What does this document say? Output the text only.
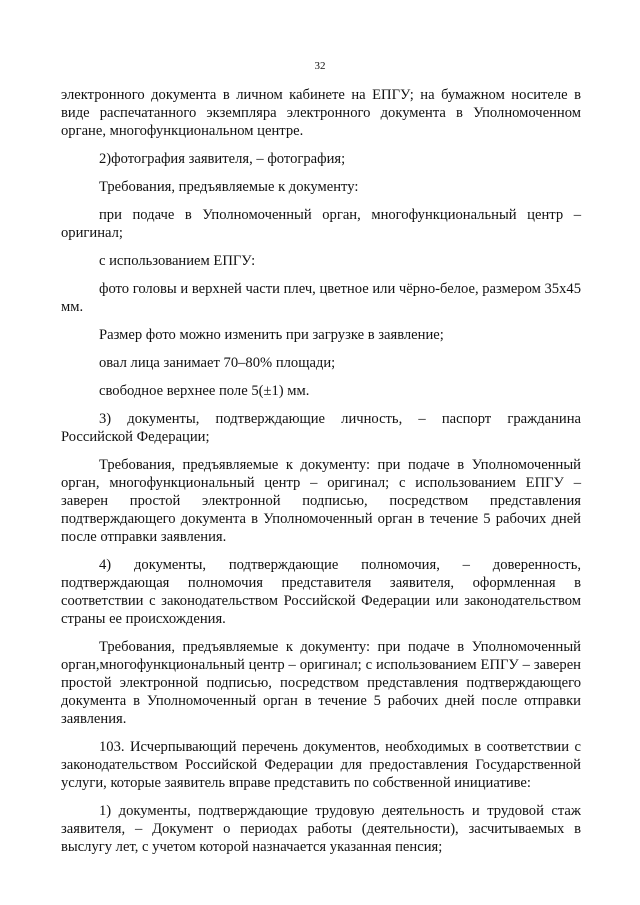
32

электронного документа в личном кабинете на ЕПГУ; на бумажном носителе в виде распечатанного экземпляра электронного документа в Уполномоченном органе, многофункциональном центре.

2)фотография заявителя, – фотография;

Требования, предъявляемые к документу:

при подаче в Уполномоченный орган, многофункциональный центр – оригинал;

с использованием ЕПГУ:

фото головы и верхней части плеч, цветное или чёрно-белое, размером 35x45 мм.

Размер фото можно изменить при загрузке в заявление;

овал лица занимает 70–80% площади;

свободное верхнее поле 5(±1) мм.

3) документы, подтверждающие личность, – паспорт гражданина Российской Федерации;

Требования, предъявляемые к документу: при подаче в Уполномоченный орган, многофункциональный центр – оригинал; с использованием ЕПГУ – заверен простой электронной подписью, посредством представления подтверждающего документа в Уполномоченный орган в течение 5 рабочих дней после отправки заявления.

4) документы, подтверждающие полномочия, – доверенность, подтверждающая полномочия представителя заявителя, оформленная в соответствии с законодательством Российской Федерации или законодательством страны ее происхождения.

Требования, предъявляемые к документу: при подаче в Уполномоченный орган,многофункциональный центр – оригинал; с использованием ЕПГУ – заверен простой электронной подписью, посредством представления подтверждающего документа в Уполномоченный орган в течение 5 рабочих дней после отправки заявления.

103. Исчерпывающий перечень документов, необходимых в соответствии с законодательством Российской Федерации для предоставления Государственной услуги, которые заявитель вправе представить по собственной инициативе:

1) документы, подтверждающие трудовую деятельность и трудовой стаж заявителя, – Документ о периодах работы (деятельности), засчитываемых в выслугу лет, с учетом которой назначается указанная пенсия;
